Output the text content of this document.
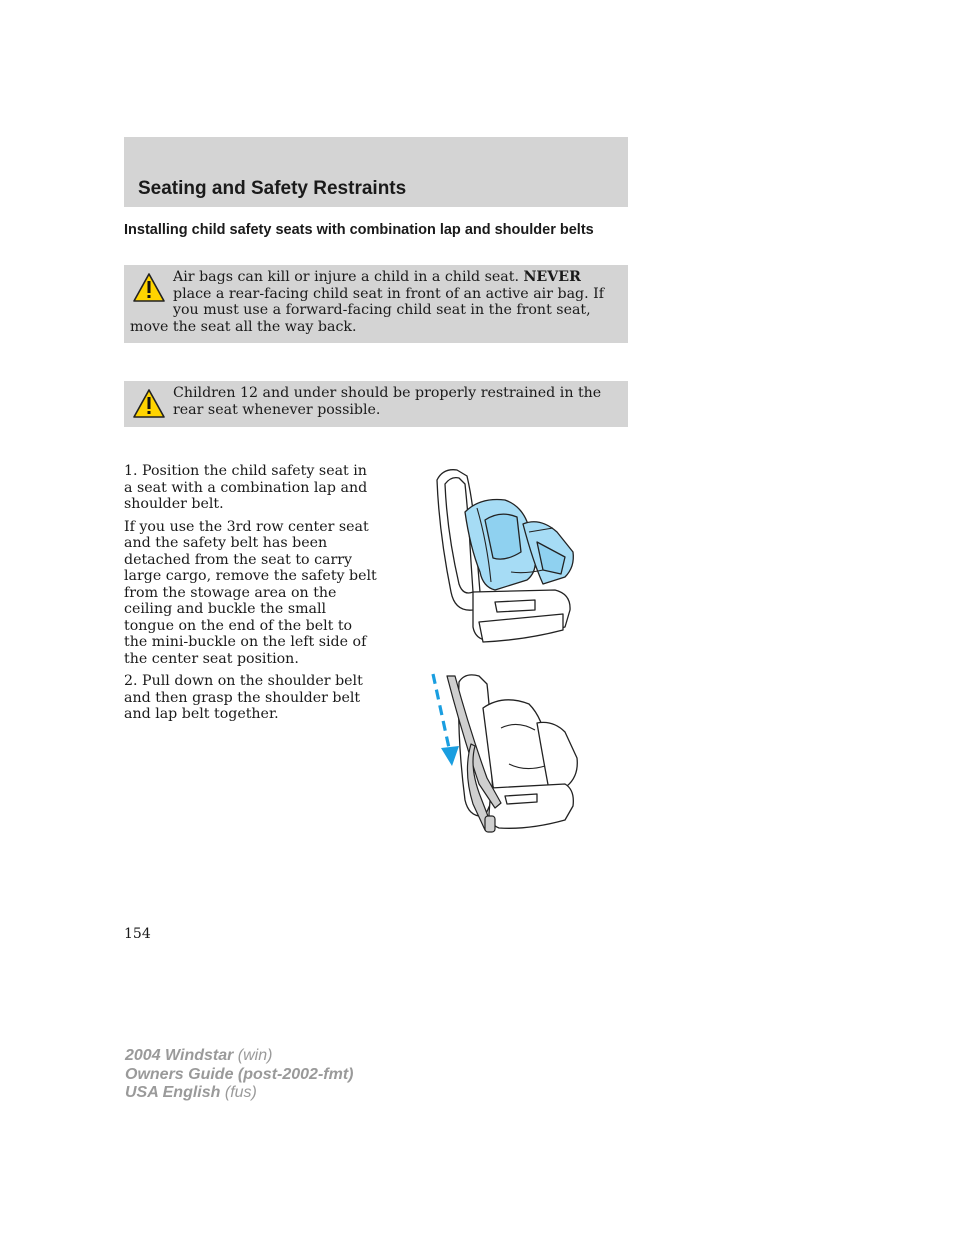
Seating and Safety Restraints
Installing child safety seats with combination lap and shoulder belts

Air bags can kill or injure a child in a child seat. NEVER place a rear-facing child seat in front of an active air bag. If you must use a forward-facing child seat in the front seat, move the seat all the way back.

Children 12 and under should be properly restrained in the rear seat whenever possible.

1. Position the child safety seat in a seat with a combination lap and shoulder belt.

If you use the 3rd row center seat and the safety belt has been detached from the seat to carry large cargo, remove the safety belt from the stowage area on the ceiling and buckle the small tongue on the end of the belt to the mini-buckle on the left side of the center seat position.

2. Pull down on the shoulder belt and then grasp the shoulder belt and lap belt together.

154
2004 Windstar (win)
Owners Guide (post-2002-fmt)
USA English (fus)
